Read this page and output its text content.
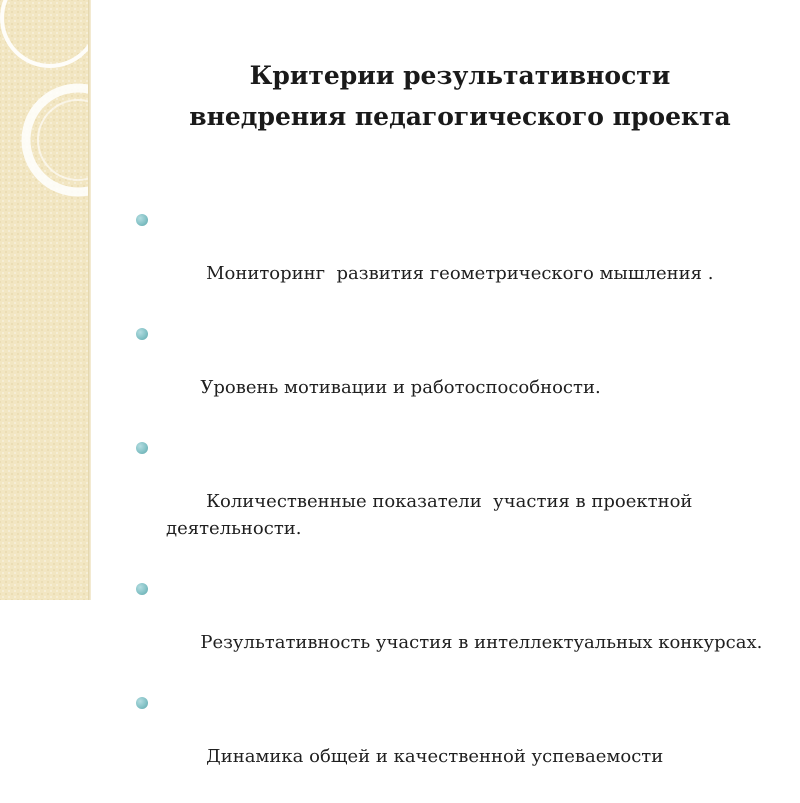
Критерии результативности
внедрения педагогического проекта

Мониторинг  развития геометрического мышления .

Уровень мотивации и работоспособности.

Количественные показатели  участия в проектной деятельности.

Результативность участия в интеллектуальных конкурсах.

Динамика общей и качественной успеваемости
